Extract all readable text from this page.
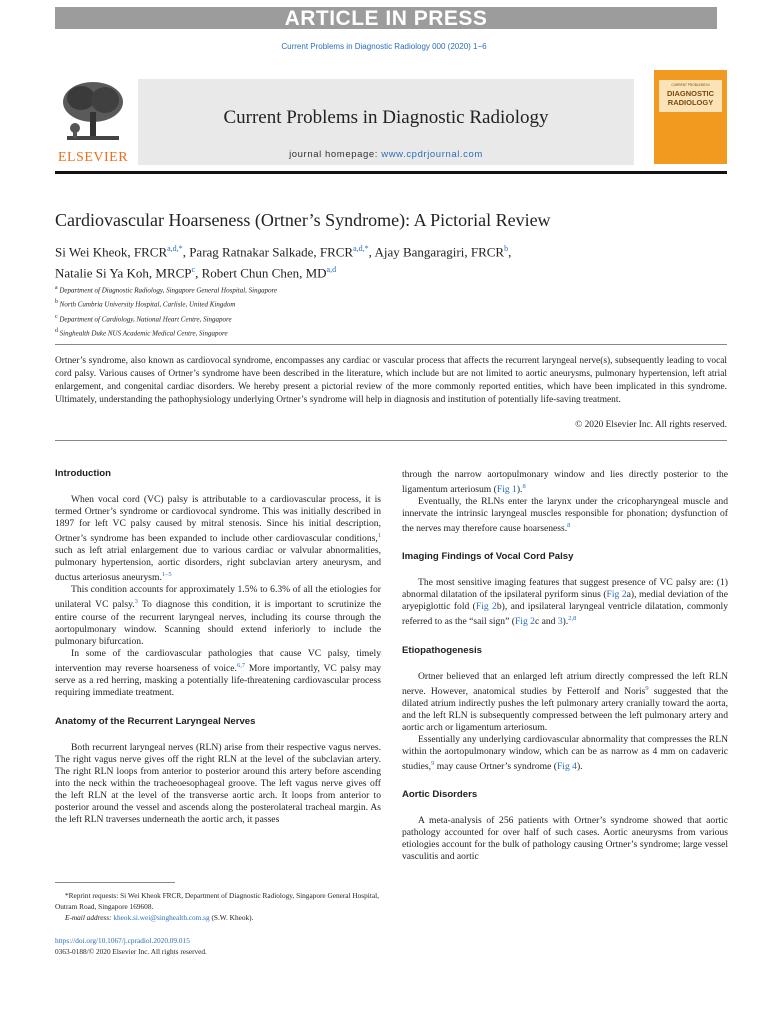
ARTICLE IN PRESS
Current Problems in Diagnostic Radiology 000 (2020) 1−6
ELSEVIER
Current Problems in Diagnostic Radiology
journal homepage: www.cpdrjournal.com
CURRENT PROBLEMS IN
DIAGNOSTIC
RADIOLOGY
Cardiovascular Hoarseness (Ortner’s Syndrome): A Pictorial Review
Si Wei Kheok, $FRCR^{a,d,*}$, Parag Ratnakar Salkade, $FRCR^{a,d,*}$, Ajay Bangaragiri, FRCR$^b$,
Natalie Si Ya Koh, MRCP$^c$, Robert Chun Chen, MD$^{a,d}$
$^a$ Department of Diagnostic Radiology, Singapore General Hospital, Singapore
$^b$ North Cumbria University Hospital, Carlisle, United Kingdom
$^c$ Department of Cardiology, National Heart Centre, Singapore
$^d$ Singhealth Duke NUS Academic Medical Centre, Singapore
Ortner’s syndrome, also known as cardiovocal syndrome, encompasses any cardiac or vascular process that affects the recurrent laryngeal nerve(s), subsequently leading to vocal cord palsy. Various causes of Ortner’s syndrome have been described in the literature, which include but are not limited to aortic aneurysms, pulmonary hypertension, left atrial enlargement, and congenital cardiac disorders. We hereby present a pictorial review of the more commonly reported entities, which have been implicated in this syndrome. Ultimately, understanding the pathophysiology underlying Ortner’s syndrome will help in diagnosis and institution of potentially life-saving treatment.
© 2020 Elsevier Inc. All rights reserved.
Introduction

When vocal cord (VC) palsy is attributable to a cardiovascular process, it is termed Ortner’s syndrome or cardiovocal syndrome. This was initially described in 1897 for left VC palsy caused by mitral stenosis. Since his initial description, Ortner’s syndrome has been expanded to include other cardiovascular conditions,$^1$ such as left atrial enlargement due to various cardiac or valvular abnormalities, pulmonary hypertension, aortic disorders, right subclavian artery aneurysm, and ductus arteriosus aneurysm.$^{1-5}$

This condition accounts for approximately 1.5% to 6.3% of all the etiologies for unilateral VC palsy.$^3$ To diagnose this condition, it is important to scrutinize the entire course of the recurrent laryngeal nerves, including its course through the aortopulmonary window. Scanning should extend inferiorly to include the pulmonary bifurcation.

In some of the cardiovascular pathologies that cause VC palsy, timely intervention may reverse hoarseness of voice.$^{6,7}$ More importantly, VC palsy may serve as a red herring, masking a potentially life-threatening cardiovascular process requiring immediate treatment.

Anatomy of the Recurrent Laryngeal Nerves

Both recurrent laryngeal nerves (RLN) arise from their respective vagus nerves. The right vagus nerve gives off the right RLN at the level of the subclavian artery. The right RLN loops from anterior to posterior around this artery before ascending into the neck within the tracheoesophageal groove. The left vagus nerve gives off the left RLN at the level of the transverse aortic arch. It loops from anterior to posterior around the vessel and ascends along the posterolateral tracheal margin. As the left RLN traverses underneath the aortic arch, it passes

*Reprint requests: Si Wei Kheok FRCR, Department of Diagnostic Radiology, Singapore General Hospital, Outram Road, Singapore 169608.
E-mail address: kheok.si.wei@singhealth.com.sg (S.W. Kheok).
https://doi.org/10.1067/j.cpradiol.2020.09.015
0363-0188/© 2020 Elsevier Inc. All rights reserved.

through the narrow aortopulmonary window and lies directly posterior to the ligamentum arteriosum (Fig 1).$^8$

Eventually, the RLNs enter the larynx under the cricopharyngeal muscle and innervate the intrinsic laryngeal muscles responsible for phonation; dysfunction of the nerves may therefore cause hoarseness.$^8$

Imaging Findings of Vocal Cord Palsy

The most sensitive imaging features that suggest presence of VC palsy are: (1) abnormal dilatation of the ipsilateral pyriform sinus (Fig 2a), medial deviation of the aryepiglottic fold (Fig 2b), and ipsilateral laryngeal ventricle dilatation, commonly referred to as the “sail sign” (Fig 2c and 3).$^{2,8}$

Etiopathogenesis

Ortner believed that an enlarged left atrium directly compressed the left RLN nerve. However, anatomical studies by Fetterolf and Noris$^9$ suggested that the dilated atrium indirectly pushes the left pulmonary artery cranially toward the aorta, and the left RLN is subsequently compressed between the left pulmonary artery and aortic arch or ligamentum arteriosum.

Essentially any underlying cardiovascular abnormality that compresses the RLN within the aortopulmonary window, which can be as narrow as 4 mm on cadaveric studies,$^9$ may cause Ortner’s syndrome (Fig 4).

Aortic Disorders

A meta-analysis of 256 patients with Ortner’s syndrome showed that aortic pathology accounted for over half of such cases. Aortic aneurysms from various etiologies account for the bulk of pathology causing Ortner’s syndrome; large vessel vasculitis and aortic
